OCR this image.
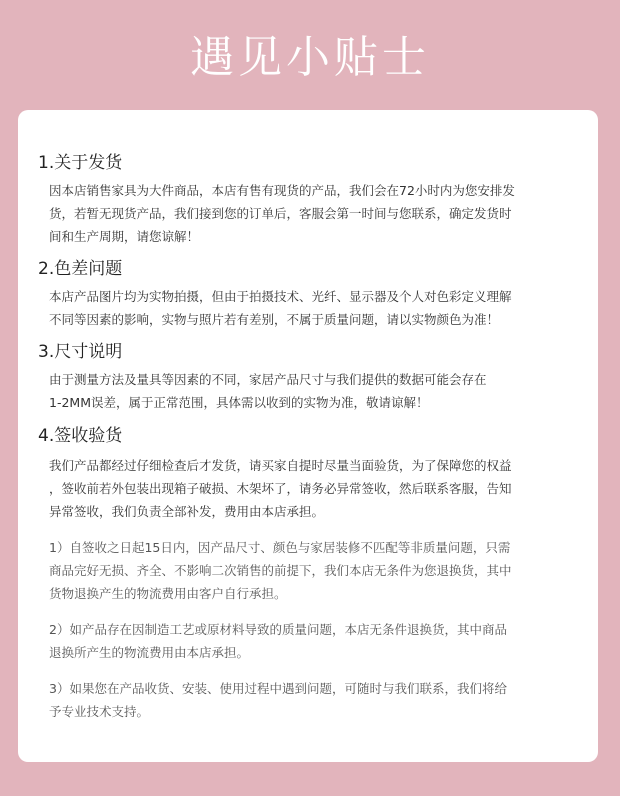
遇见小贴士
1.关于发货
因本店销售家具为大件商品，本店有售有现货的产品，我们会在72小时内为您安排发
货，若暂无现货产品，我们接到您的订单后，客服会第一时间与您联系，确定发货时
间和生产周期，请您谅解！
2.色差问题
本店产品图片均为实物拍摄，但由于拍摄技术、光纤、显示器及个人对色彩定义理解
不同等因素的影响，实物与照片若有差别，不属于质量问题，请以实物颜色为准！
3.尺寸说明
由于测量方法及量具等因素的不同，家居产品尺寸与我们提供的数据可能会存在
1-2MM误差，属于正常范围，具体需以收到的实物为准，敬请谅解！
4.签收验货
我们产品都经过仔细检查后才发货，请买家自提时尽量当面验货，为了保障您的权益
，签收前若外包装出现箱子破损、木架坏了，请务必异常签收，然后联系客服，告知
异常签收，我们负责全部补发，费用由本店承担。
1）自签收之日起15日内，因产品尺寸、颜色与家居装修不匹配等非质量问题，只需
商品完好无损、齐全、不影响二次销售的前提下，我们本店无条件为您退换货，其中
货物退换产生的物流费用由客户自行承担。
2）如产品存在因制造工艺或原材料导致的质量问题，本店无条件退换货，其中商品
退换所产生的物流费用由本店承担。
3）如果您在产品收货、安装、使用过程中遇到问题，可随时与我们联系，我们将给
予专业技术支持。
